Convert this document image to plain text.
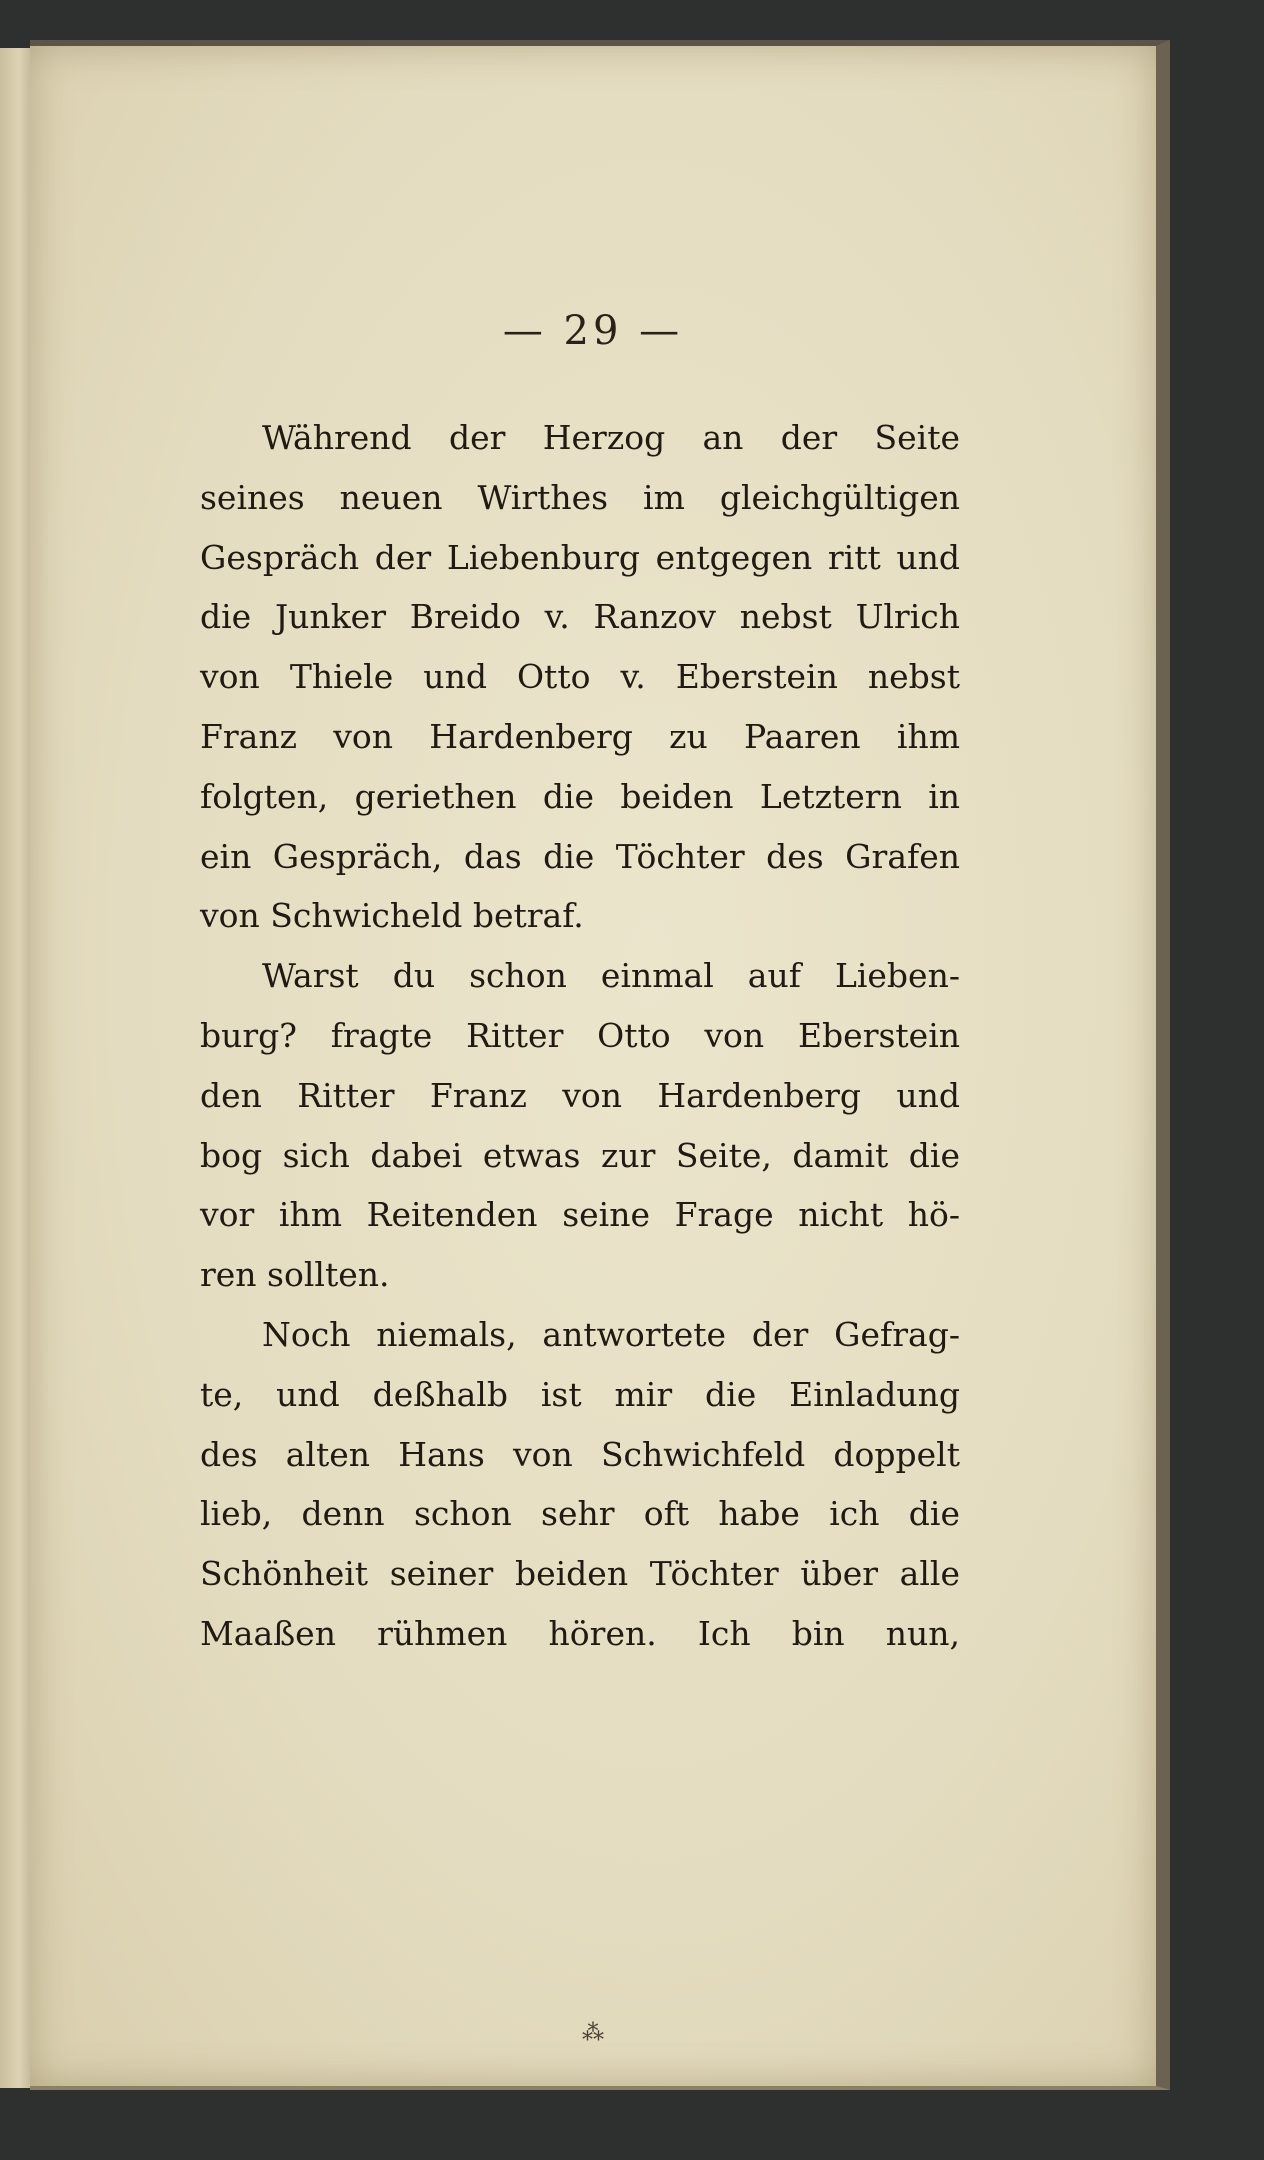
— 29 —

Während der Herzog an der Seite
seines neuen Wirthes im gleichgültigen
Gespräch der Liebenburg entgegen ritt und
die Junker Breido v. Ranzov nebst Ulrich
von Thiele und Otto v. Eberstein nebst
Franz von Hardenberg zu Paaren ihm
folgten, geriethen die beiden Letztern in
ein Gespräch, das die Töchter des Grafen
von Schwicheld betraf.

Warst du schon einmal auf Lieben-
burg? fragte Ritter Otto von Eberstein
den Ritter Franz von Hardenberg und
bog sich dabei etwas zur Seite, damit die
vor ihm Reitenden seine Frage nicht hö-
ren sollten.

Noch niemals, antwortete der Gefrag-
te, und deßhalb ist mir die Einladung
des alten Hans von Schwichfeld doppelt
lieb, denn schon sehr oft habe ich die
Schönheit seiner beiden Töchter über alle
Maaßen rühmen hören. Ich bin nun,

⁂
